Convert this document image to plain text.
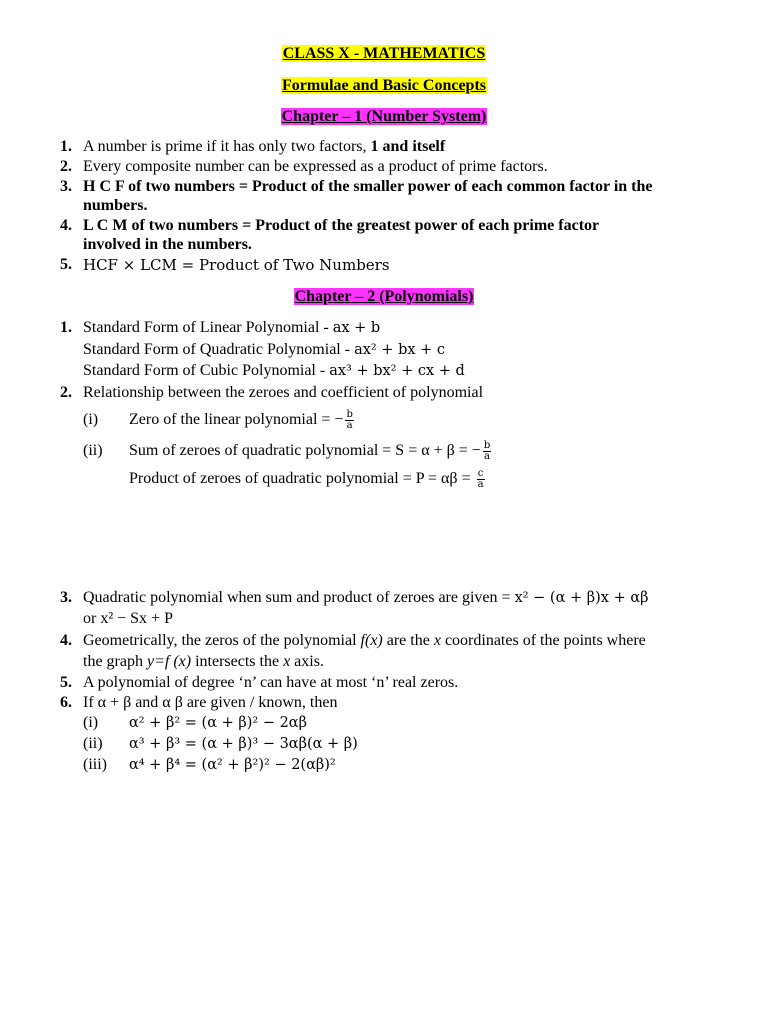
CLASS X - MATHEMATICS
Formulae and Basic Concepts
Chapter – 1 (Number System)
1. A number is prime if it has only two factors, 1 and itself
2. Every composite number can be expressed as a product of prime factors.
3. H C F of two numbers = Product of the smaller power of each common factor in the
numbers.
4. L C M of two numbers = Product of the greatest power of each prime factor
involved in the numbers.
5. HCF × LCM = Product of Two Numbers
Chapter – 2 (Polynomials)
1. Standard Form of Linear Polynomial - ax + b
Standard Form of Quadratic Polynomial - ax² + bx + c
Standard Form of Cubic Polynomial - ax³ + bx² + cx + d
2. Relationship between the zeroes and coefficient of polynomial
(i) Zero of the linear polynomial = − $\frac{b}{a}$
(ii) Sum of zeroes of quadratic polynomial = S = α + β = − $\frac{b}{a}$
Product of zeroes of quadratic polynomial = $P = \alpha\beta = \frac{c}{a}$
3. Quadratic polynomial when sum and product of zeroes are given = x² − (α + β)x + αβ
or x² − Sx + P
4. Geometrically, the zeros of the polynomial f(x) are the x coordinates of the points where
the graph y=f (x) intersects the x axis.
5. A polynomial of degree ‘n’ can have at most ‘n’ real zeros.
6. If α + β and α β are given / known, then
(i) α² + β² = (α + β)² − 2αβ
(ii) α³ + β³ = (α + β)³ − 3αβ(α + β)
(iii) α⁴ + β⁴ = (α² + β²)² − 2(αβ)²
